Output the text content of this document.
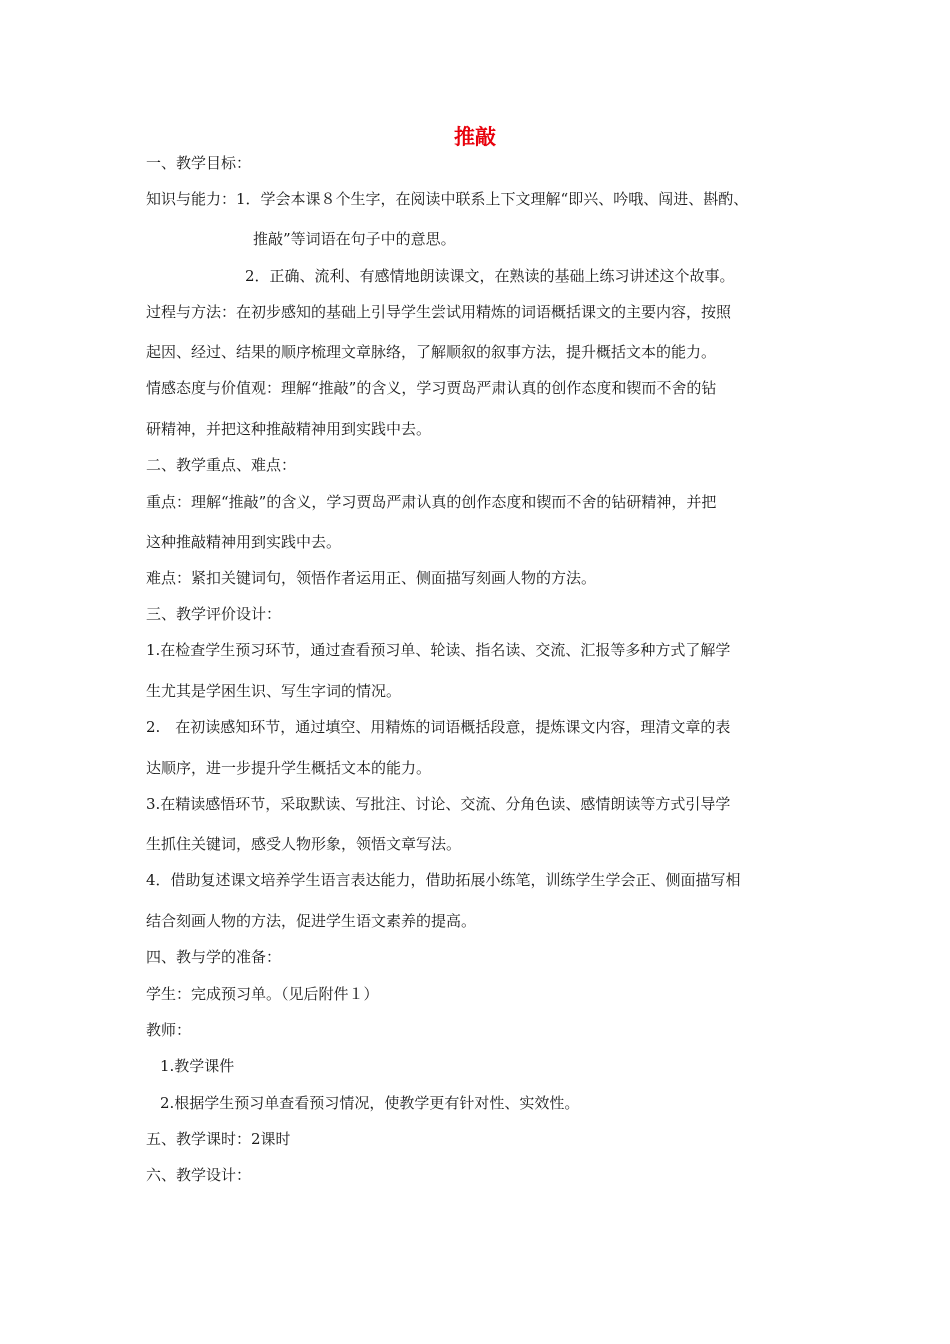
推敲
一、教学目标：
知识与能力：1．学会本课８个生字，在阅读中联系上下文理解“即兴、吟哦、闯进、斟酌、
推敲”等词语在句子中的意思。
2．正确、流利、有感情地朗读课文，在熟读的基础上练习讲述这个故事。
过程与方法：在初步感知的基础上引导学生尝试用精炼的词语概括课文的主要内容，按照
起因、经过、结果的顺序梳理文章脉络，了解顺叙的叙事方法，提升概括文本的能力。
情感态度与价值观：理解“推敲”的含义，学习贾岛严肃认真的创作态度和锲而不舍的钻
研精神，并把这种推敲精神用到实践中去。
二、教学重点、难点：
重点：理解“推敲”的含义，学习贾岛严肃认真的创作态度和锲而不舍的钻研精神，并把
这种推敲精神用到实践中去。
难点：紧扣关键词句，领悟作者运用正、侧面描写刻画人物的方法。
三、教学评价设计：
1.在检查学生预习环节，通过查看预习单、轮读、指名读、交流、汇报等多种方式了解学
生尤其是学困生识、写生字词的情况。
2.　在初读感知环节，通过填空、用精炼的词语概括段意，提炼课文内容，理清文章的表
达顺序，进一步提升学生概括文本的能力。
3.在精读感悟环节，采取默读、写批注、讨论、交流、分角色读、感情朗读等方式引导学
生抓住关键词，感受人物形象，领悟文章写法。
4．借助复述课文培养学生语言表达能力，借助拓展小练笔，训练学生学会正、侧面描写相
结合刻画人物的方法，促进学生语文素养的提高。
四、教与学的准备：
学生：完成预习单。（见后附件１）
教师：
1.教学课件
2.根据学生预习单查看预习情况，使教学更有针对性、实效性。
五、教学课时：2课时
六、教学设计：
